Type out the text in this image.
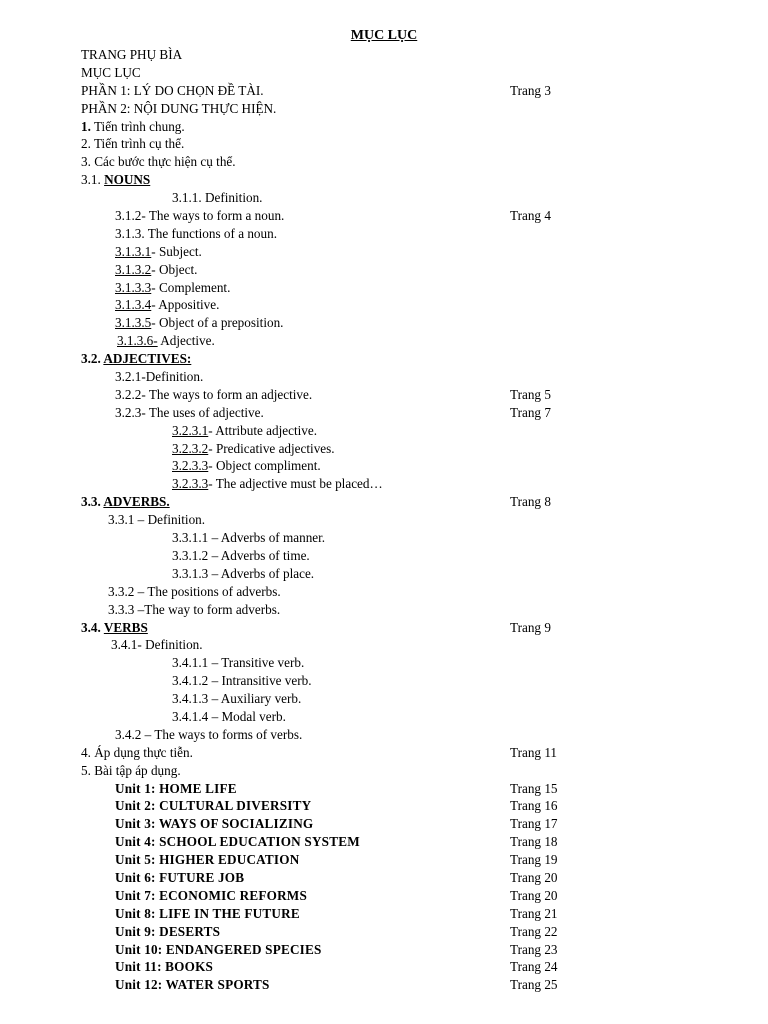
MỤC LỤC
TRANG PHỤ BÌA
MỤC LỤC
PHẦN 1: LÝ DO CHỌN ĐỀ TÀI.	Trang 3
PHẦN 2: NỘI DUNG THỰC HIỆN.
1. Tiến trình chung.
2. Tiến trình cụ thể.
3. Các bước thực hiện cụ thể.
3.1. NOUNS
3.1.1. Definition.
3.1.2- The ways to form a noun.	Trang 4
3.1.3. The functions of a noun.
3.1.3.1- Subject.
3.1.3.2- Object.
3.1.3.3- Complement.
3.1.3.4- Appositive.
3.1.3.5- Object of a preposition.
3.1.3.6- Adjective.
3.2. ADJECTIVES:
3.2.1-Definition.
3.2.2- The ways to form an adjective.	Trang 5
3.2.3- The uses of adjective.	Trang 7
3.2.3.1- Attribute adjective.
3.2.3.2- Predicative adjectives.
3.2.3.3- Object compliment.
3.2.3.3- The adjective must be placed…
3.3. ADVERBS.	Trang 8
3.3.1 – Definition.
3.3.1.1 – Adverbs of manner.
3.3.1.2 – Adverbs of time.
3.3.1.3 – Adverbs of place.
3.3.2 – The positions of adverbs.
3.3.3 –The way to form adverbs.
3.4. VERBS	Trang 9
3.4.1- Definition.
3.4.1.1 – Transitive verb.
3.4.1.2 – Intransitive verb.
3.4.1.3 – Auxiliary verb.
3.4.1.4 – Modal verb.
3.4.2 – The ways to forms of verbs.
4. Áp dụng thực tiễn.	Trang 11
5. Bài tập áp dụng.
Unit 1: HOME LIFE	Trang 15
Unit 2: CULTURAL DIVERSITY	Trang 16
Unit 3: WAYS OF SOCIALIZING	Trang 17
Unit 4: SCHOOL EDUCATION SYSTEM	Trang 18
Unit 5: HIGHER EDUCATION	Trang 19
Unit 6: FUTURE JOB	Trang 20
Unit 7: ECONOMIC REFORMS	Trang 20
Unit 8: LIFE IN THE FUTURE	Trang 21
Unit 9: DESERTS	Trang 22
Unit 10: ENDANGERED SPECIES	Trang 23
Unit 11: BOOKS	Trang 24
Unit 12: WATER SPORTS	Trang 25
